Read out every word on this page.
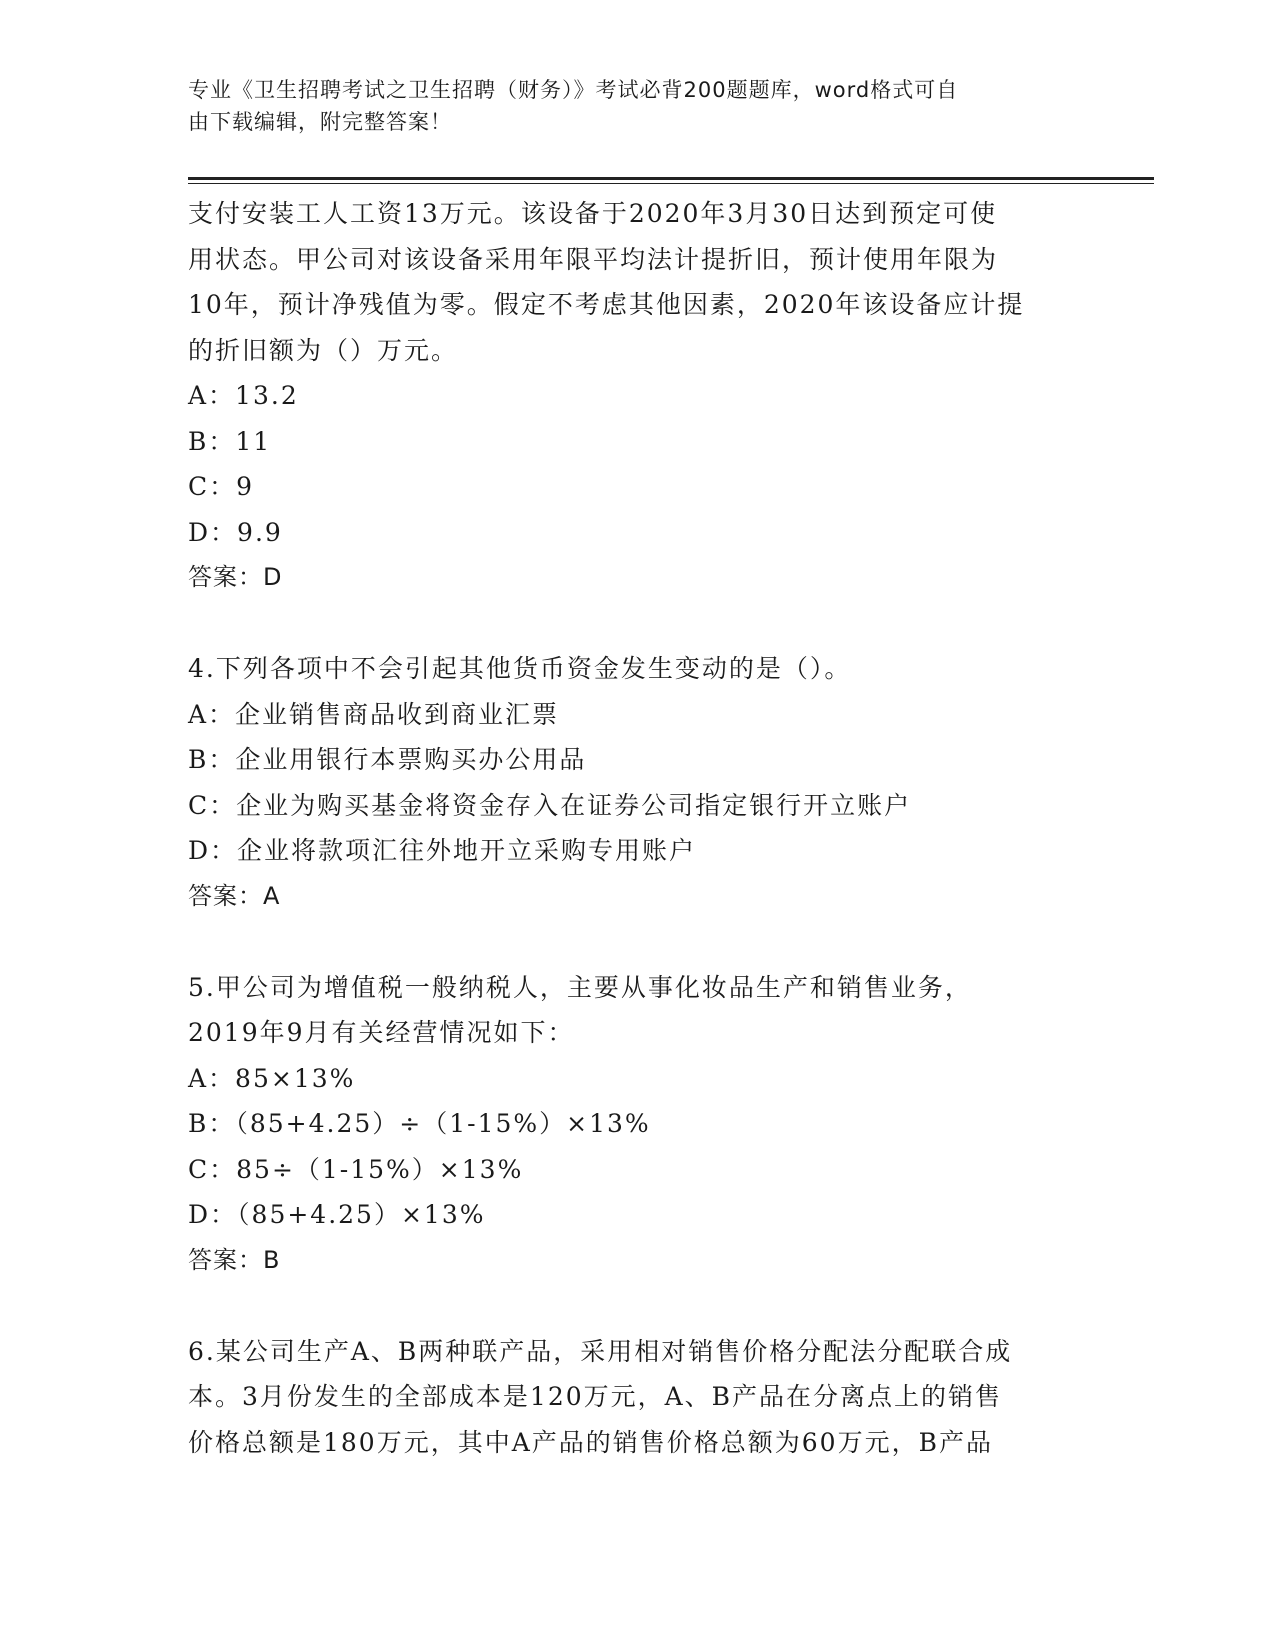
专业《卫生招聘考试之卫生招聘（财务）》考试必背200题题库，word格式可自
由下载编辑，附完整答案！
支付安装工人工资13万元。该设备于2020年3月30日达到预定可使
用状态。甲公司对该设备采用年限平均法计提折旧，预计使用年限为
10年，预计净残值为零。假定不考虑其他因素，2020年该设备应计提
的折旧额为（）万元。
A：13.2
B：11
C：9
D：9.9
答案：D
4.下列各项中不会引起其他货币资金发生变动的是（）。
A：企业销售商品收到商业汇票
B：企业用银行本票购买办公用品
C：企业为购买基金将资金存入在证券公司指定银行开立账户
D：企业将款项汇往外地开立采购专用账户
答案：A
5.甲公司为增值税一般纳税人，主要从事化妆品生产和销售业务，
2019年9月有关经营情况如下：
A：85×13%
B：（85+4.25）÷（1-15%）×13%
C：85÷（1-15%）×13%
D：（85+4.25）×13%
答案：B
6.某公司生产A、B两种联产品，采用相对销售价格分配法分配联合成
本。3月份发生的全部成本是120万元，A、B产品在分离点上的销售
价格总额是180万元，其中A产品的销售价格总额为60万元，B产品
